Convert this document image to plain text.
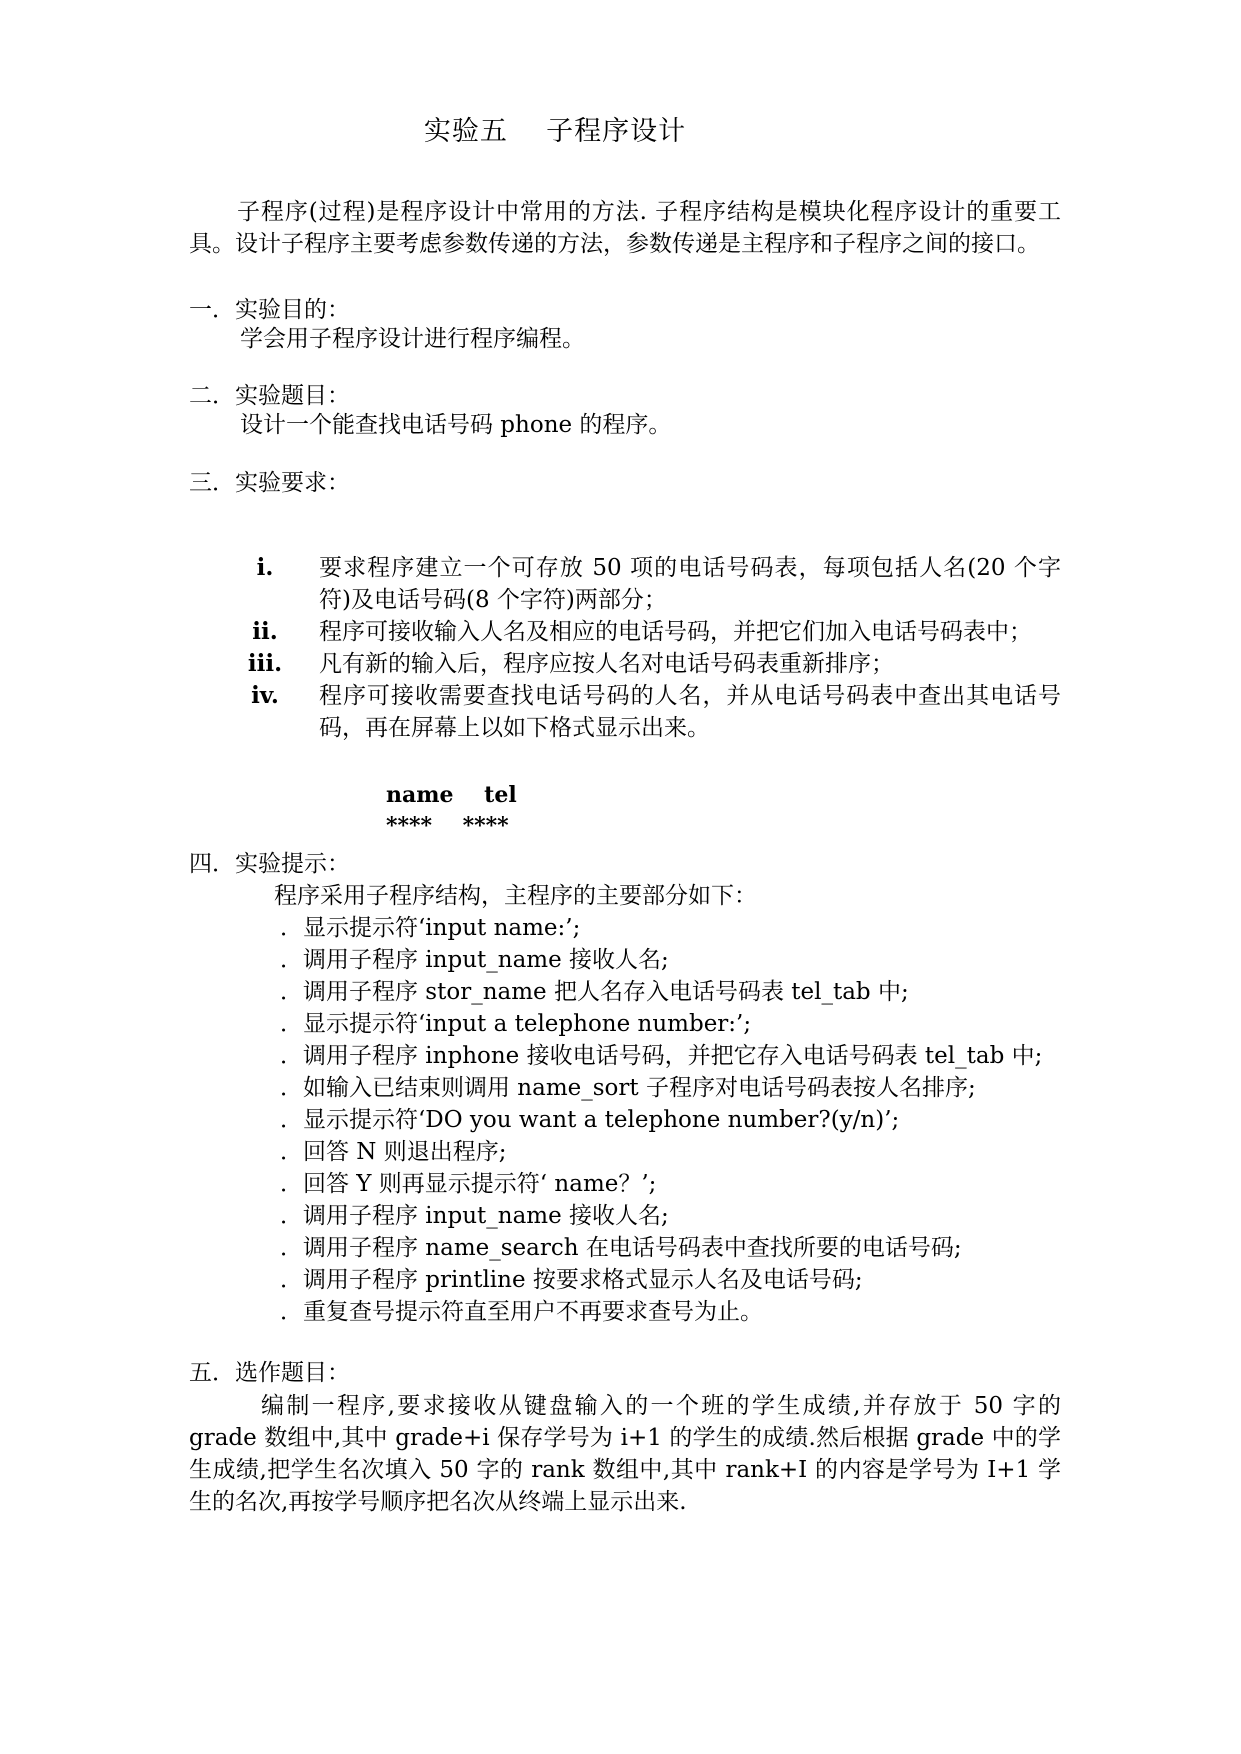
实验五    子程序设计
子程序(过程)是程序设计中常用的方法. 子程序结构是模块化程序设计的重要工具。设计子程序主要考虑参数传递的方法，参数传递是主程序和子程序之间的接口。
一．实验目的：
学会用子程序设计进行程序编程。
二．实验题目：
设计一个能查找电话号码 phone 的程序。
三．实验要求：
i.	要求程序建立一个可存放 50 项的电话号码表，每项包括人名(20 个字符)及电话号码(8 个字符)两部分；
ii.	程序可接收输入人名及相应的电话号码，并把它们加入电话号码表中；
iii. 凡有新的输入后，程序应按人名对电话号码表重新排序；
iv. 程序可接收需要查找电话号码的人名，并从电话号码表中查出其电话号码，再在屏幕上以如下格式显示出来。
name    tel
****    ****
四．实验提示：
程序采用子程序结构，主程序的主要部分如下：
．显示提示符‘input name:’;
．调用子程序 input_name 接收人名;
．调用子程序 stor_name 把人名存入电话号码表 tel_tab 中;
．显示提示符‘input a telephone number:’;
．调用子程序 inphone 接收电话号码，并把它存入电话号码表 tel_tab 中;
．如输入已结束则调用 name_sort 子程序对电话号码表按人名排序;
．显示提示符‘DO you want a telephone number?(y/n)’;
．回答 N 则退出程序;
．回答 Y 则再显示提示符‘ name？’;
．调用子程序 input_name 接收人名;
．调用子程序 name_search 在电话号码表中查找所要的电话号码;
．调用子程序 printline 按要求格式显示人名及电话号码;
．重复查号提示符直至用户不再要求查号为止。
五．选作题目：
编制一程序,要求接收从键盘输入的一个班的学生成绩,并存放于 50 字的 grade 数组中,其中 grade+i 保存学号为 i+1 的学生的成绩.然后根据 grade 中的学生成绩,把学生名次填入 50 字的 rank 数组中,其中 rank+I 的内容是学号为 I+1 学生的名次,再按学号顺序把名次从终端上显示出来.
